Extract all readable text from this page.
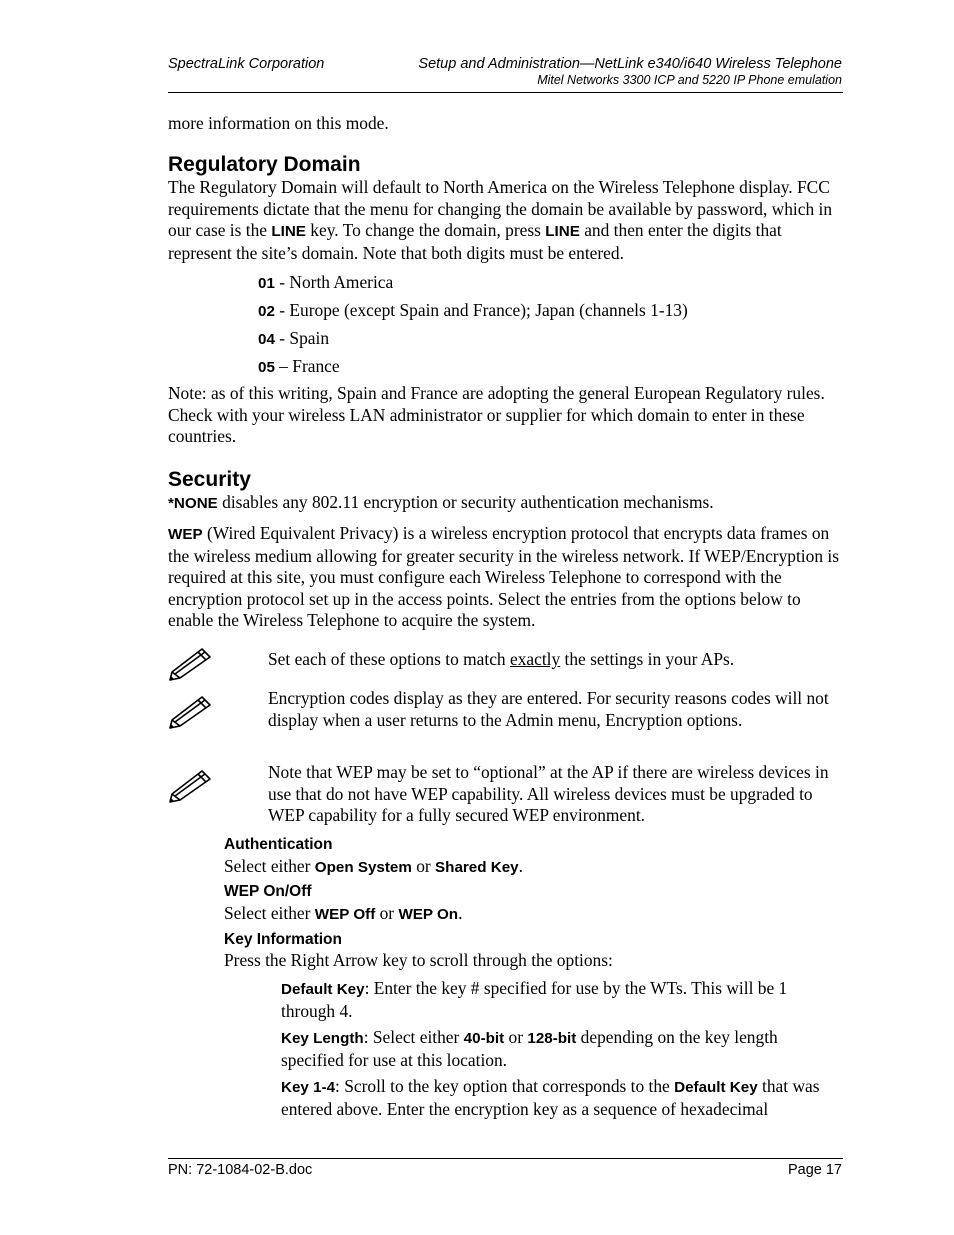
SpectraLink Corporation	Setup and Administration—NetLink e340/i640 Wireless Telephone
Mitel Networks 3300 ICP and 5220 IP Phone emulation
more information on this mode.
Regulatory Domain
The Regulatory Domain will default to North America on the Wireless Telephone display. FCC requirements dictate that the menu for changing the domain be available by password, which in our case is the LINE key. To change the domain, press LINE and then enter the digits that represent the site’s domain. Note that both digits must be entered.
01 - North America
02 - Europe (except Spain and France); Japan (channels 1-13)
04 - Spain
05 – France
Note: as of this writing, Spain and France are adopting the general European Regulatory rules. Check with your wireless LAN administrator or supplier for which domain to enter in these countries.
Security
*NONE disables any 802.11 encryption or security authentication mechanisms.
WEP (Wired Equivalent Privacy) is a wireless encryption protocol that encrypts data frames on the wireless medium allowing for greater security in the wireless network. If WEP/Encryption is required at this site, you must configure each Wireless Telephone to correspond with the encryption protocol set up in the access points. Select the entries from the options below to enable the Wireless Telephone to acquire the system.
Set each of these options to match exactly the settings in your APs.
Encryption codes display as they are entered. For security reasons codes will not display when a user returns to the Admin menu, Encryption options.
Note that WEP may be set to “optional” at the AP if there are wireless devices in use that do not have WEP capability. All wireless devices must be upgraded to WEP capability for a fully secured WEP environment.
Authentication
Select either Open System or Shared Key.
WEP On/Off
Select either WEP Off or WEP On.
Key Information
Press the Right Arrow key to scroll through the options:
Default Key: Enter the key # specified for use by the WTs. This will be 1 through 4.
Key Length: Select either 40-bit or 128-bit depending on the key length specified for use at this location.
Key 1-4: Scroll to the key option that corresponds to the Default Key that was entered above. Enter the encryption key as a sequence of hexadecimal
PN: 72-1084-02-B.doc	Page 17
